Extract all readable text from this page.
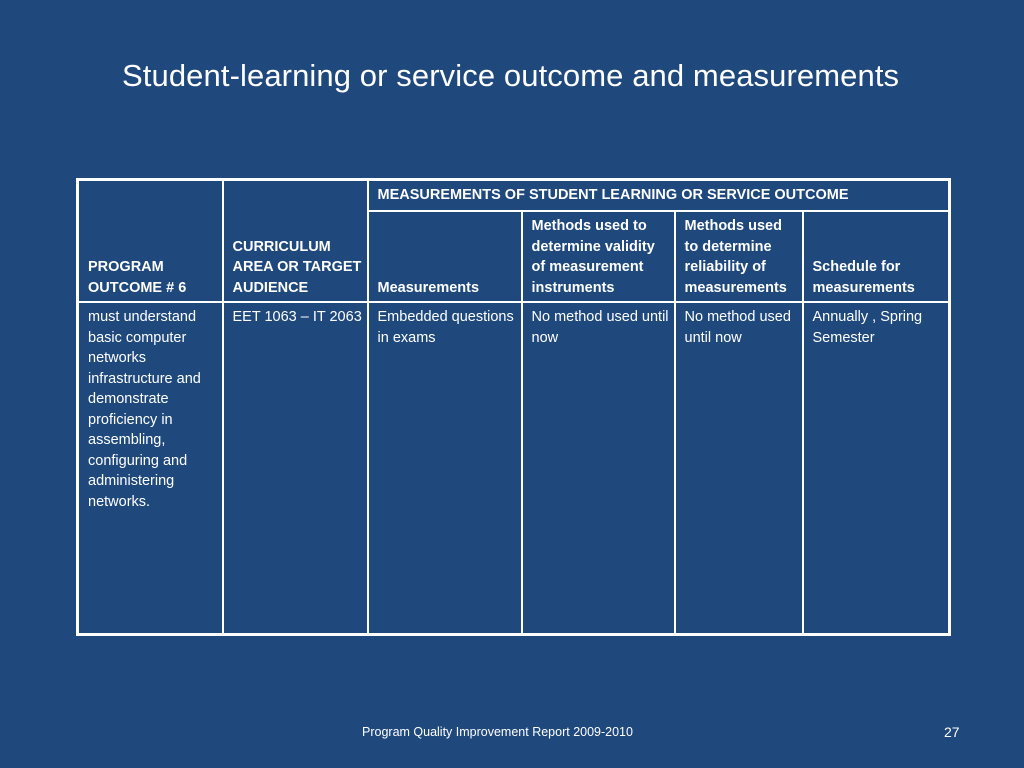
Student-learning or service outcome and measurements
PROGRAM OUTCOME # 6	CURRICULUM AREA OR TARGET AUDIENCE	MEASUREMENTS OF STUDENT LEARNING OR SERVICE OUTCOME			
		Measurements	Methods used to determine validity of measurement instruments	Methods used to determine reliability of measurements	Schedule for measurements
must understand basic computer networks infrastructure and demonstrate proficiency in assembling, configuring and administering networks.	EET 1063 – IT 2063	Embedded questions in exams	No method used until now	No method used until now	Annually , Spring Semester
Program Quality Improvement Report 2009-2010	27
